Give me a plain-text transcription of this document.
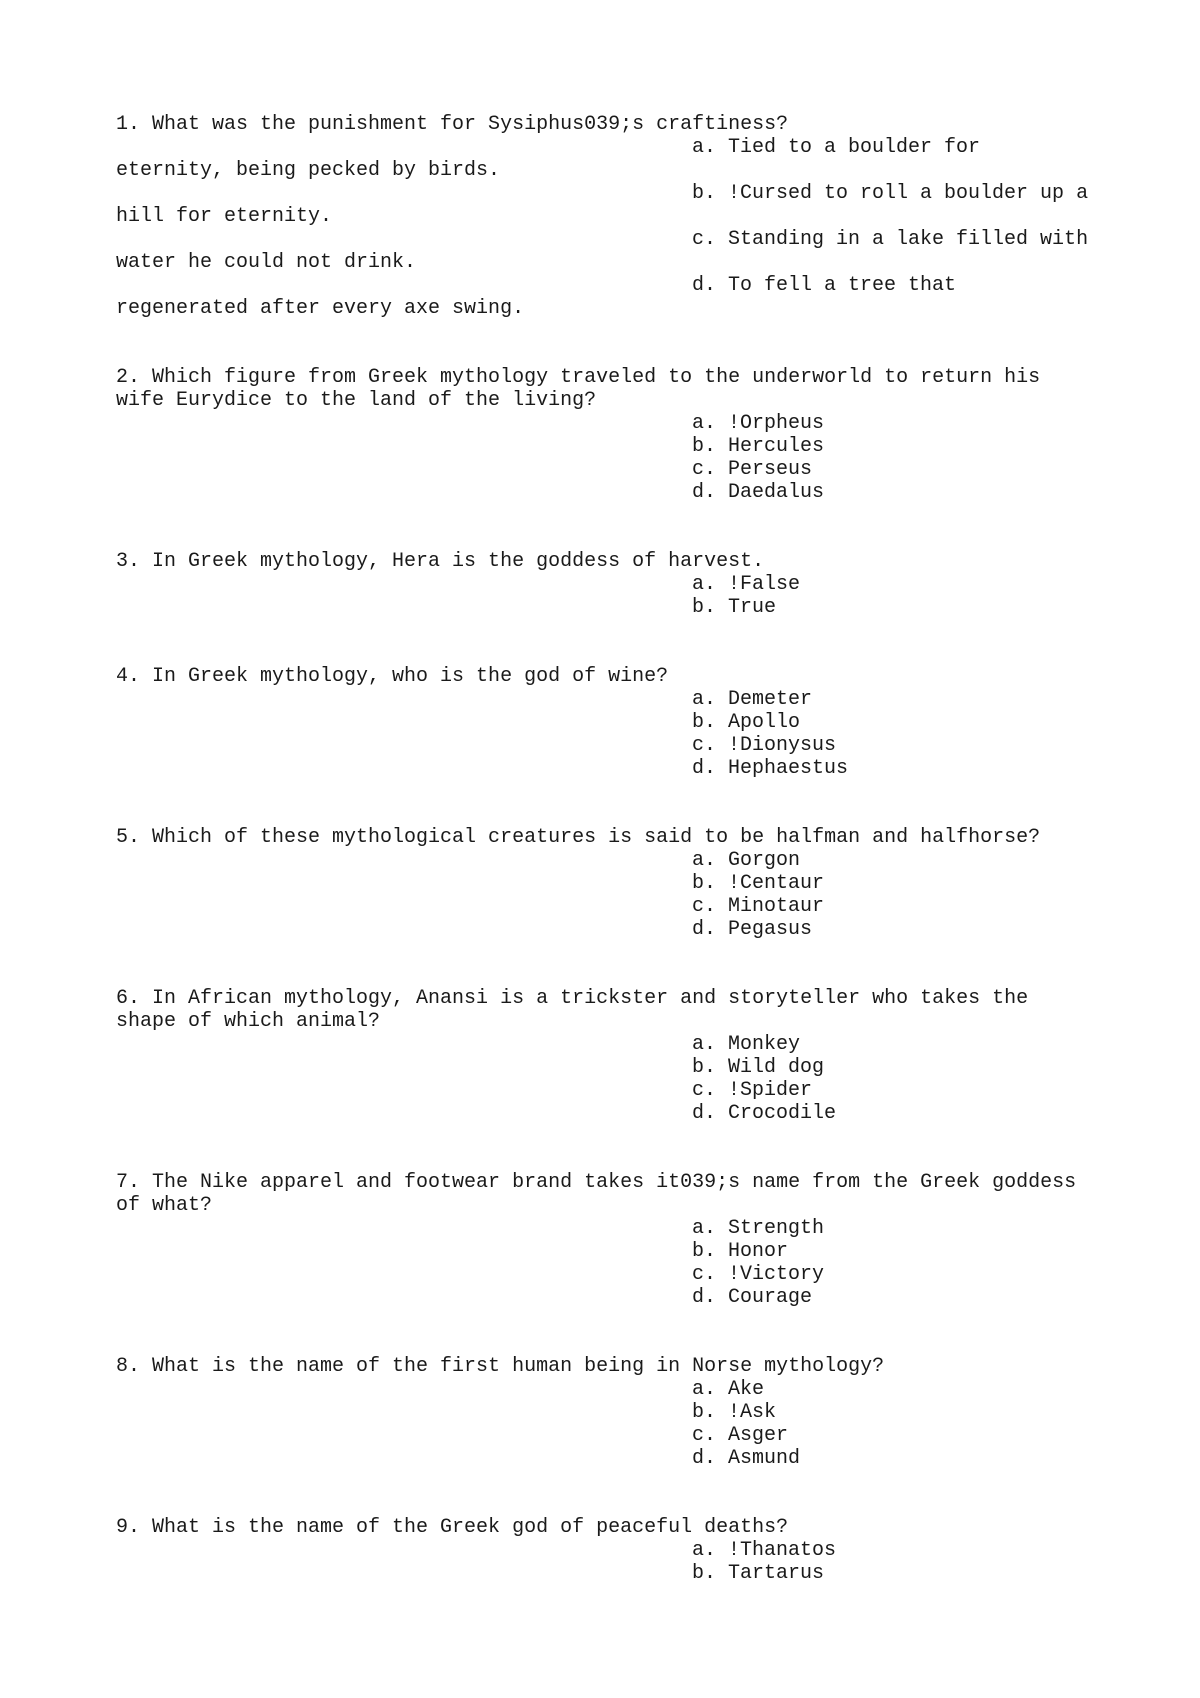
1. What was the punishment for Sysiphus039;s craftiness?
a. Tied to a boulder for
eternity, being pecked by birds.
b. !Cursed to roll a boulder up a
hill for eternity.
c. Standing in a lake filled with
water he could not drink.
d. To fell a tree that
regenerated after every axe swing.
2. Which figure from Greek mythology traveled to the underworld to return his
wife Eurydice to the land of the living?
a. !Orpheus
b. Hercules
c. Perseus
d. Daedalus
3. In Greek mythology, Hera is the goddess of harvest.
a. !False
b. True
4. In Greek mythology, who is the god of wine?
a. Demeter
b. Apollo
c. !Dionysus
d. Hephaestus
5. Which of these mythological creatures is said to be halfman and halfhorse?
a. Gorgon
b. !Centaur
c. Minotaur
d. Pegasus
6. In African mythology, Anansi is a trickster and storyteller who takes the
shape of which animal?
a. Monkey
b. Wild dog
c. !Spider
d. Crocodile
7. The Nike apparel and footwear brand takes it039;s name from the Greek goddess
of what?
a. Strength
b. Honor
c. !Victory
d. Courage
8. What is the name of the first human being in Norse mythology?
a. Ake
b. !Ask
c. Asger
d. Asmund
9. What is the name of the Greek god of peaceful deaths?
a. !Thanatos
b. Tartarus
